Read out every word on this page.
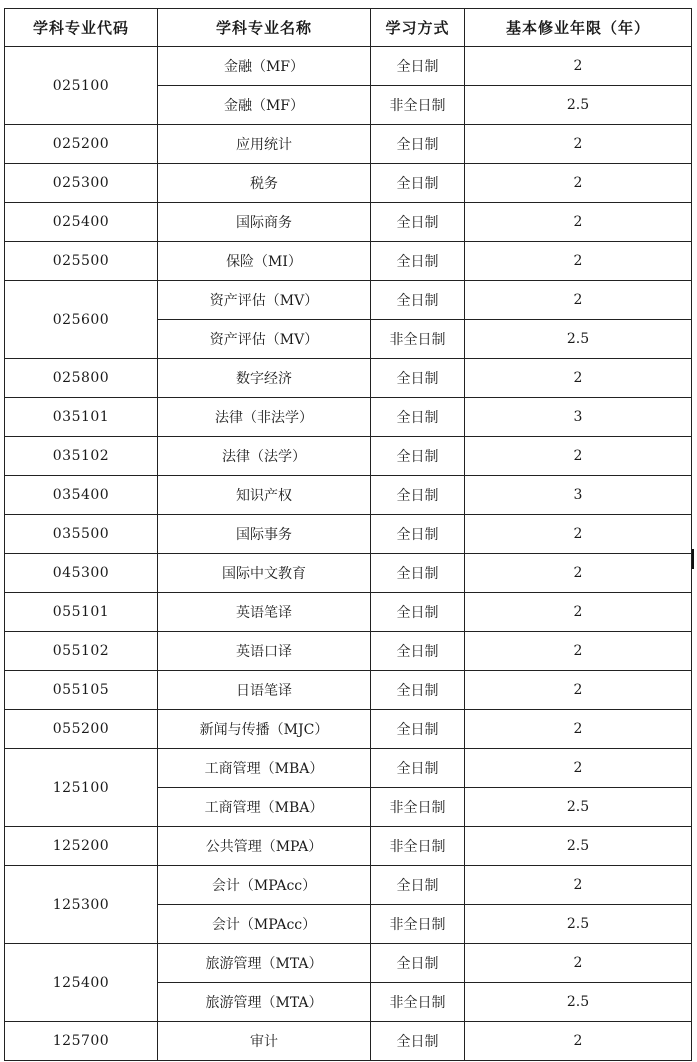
学科专业代码	学科专业名称	学习方式	基本修业年限（年）
025100	金融（MF）	全日制	2
	金融（MF）	非全日制	2.5
025200	应用统计	全日制	2
025300	税务	全日制	2
025400	国际商务	全日制	2
025500	保险（MI）	全日制	2
025600	资产评估（MV）	全日制	2
	资产评估（MV）	非全日制	2.5
025800	数字经济	全日制	2
035101	法律（非法学）	全日制	3
035102	法律（法学）	全日制	2
035400	知识产权	全日制	3
035500	国际事务	全日制	2
045300	国际中文教育	全日制	2
055101	英语笔译	全日制	2
055102	英语口译	全日制	2
055105	日语笔译	全日制	2
055200	新闻与传播（MJC）	全日制	2
125100	工商管理（MBA）	全日制	2
	工商管理（MBA）	非全日制	2.5
125200	公共管理（MPA）	非全日制	2.5
125300	会计（MPAcc）	全日制	2
	会计（MPAcc）	非全日制	2.5
125400	旅游管理（MTA）	全日制	2
	旅游管理（MTA）	非全日制	2.5
125700	审计	全日制	2
